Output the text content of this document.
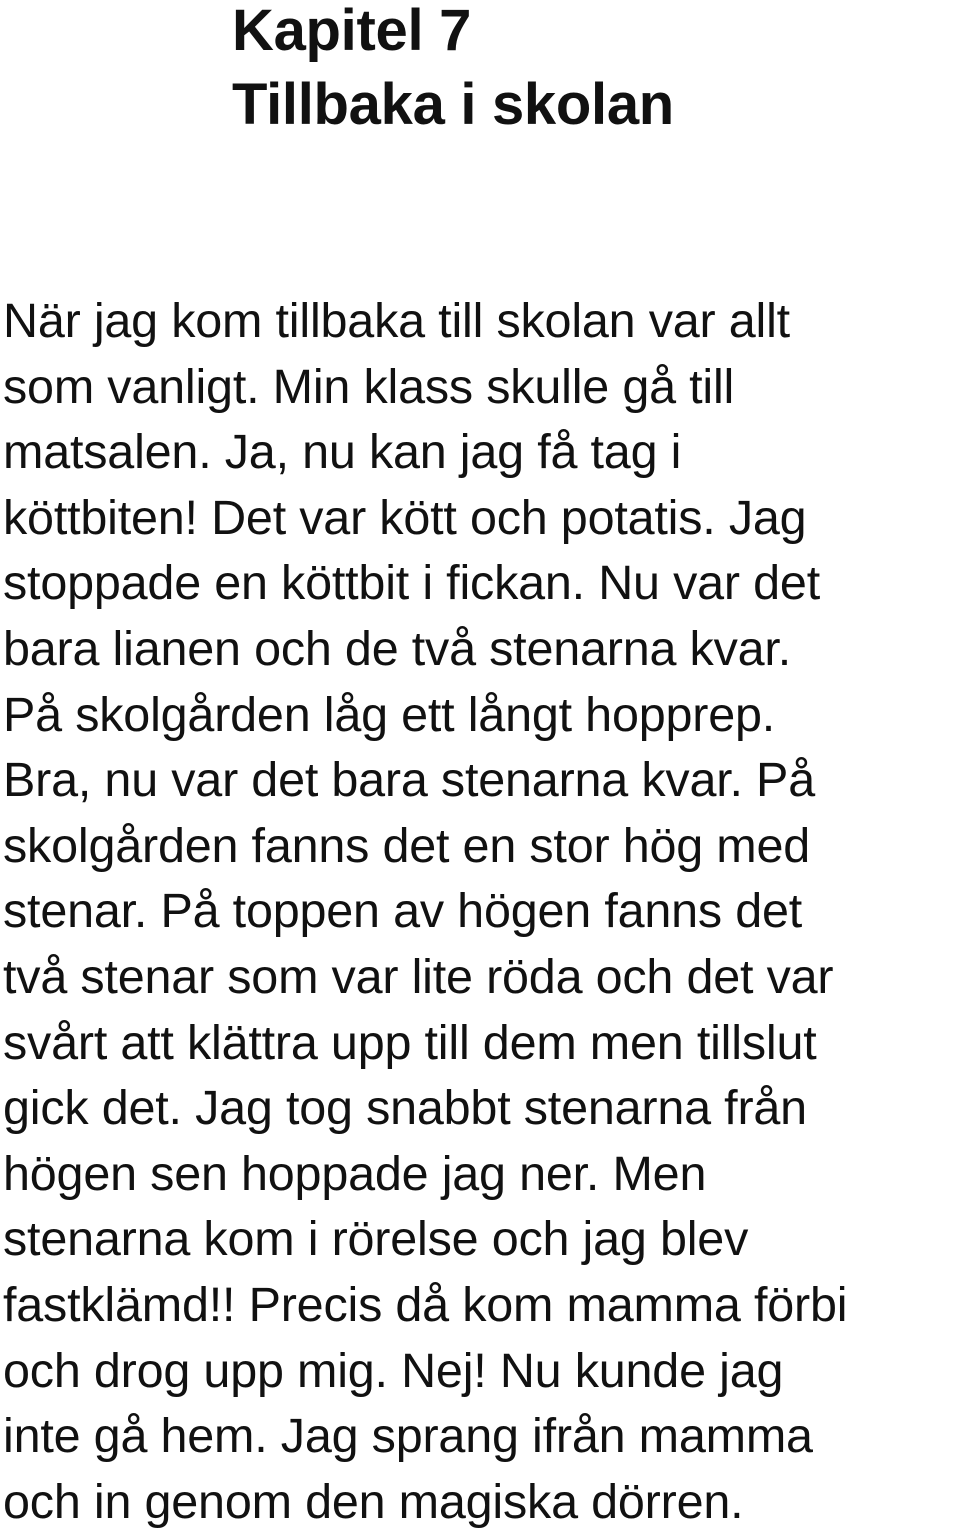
Kapitel 7
Tillbaka i skolan

När jag kom tillbaka till skolan var allt
som vanligt. Min klass skulle gå till
matsalen. Ja, nu kan jag få tag i
köttbiten! Det var kött och potatis. Jag
stoppade en köttbit i fickan. Nu var det
bara lianen och de två stenarna kvar.
På skolgården låg ett långt hopprep.
Bra, nu var det bara stenarna kvar. På
skolgården fanns det en stor hög med
stenar. På toppen av högen fanns det
två stenar som var lite röda och det var
svårt att klättra upp till dem men tillslut
gick det. Jag tog snabbt stenarna från
högen sen hoppade jag ner. Men
stenarna kom i rörelse och jag blev
fastklämd!! Precis då kom mamma förbi
och drog upp mig. Nej! Nu kunde jag
inte gå hem. Jag sprang ifrån mamma
och in genom den magiska dörren.
